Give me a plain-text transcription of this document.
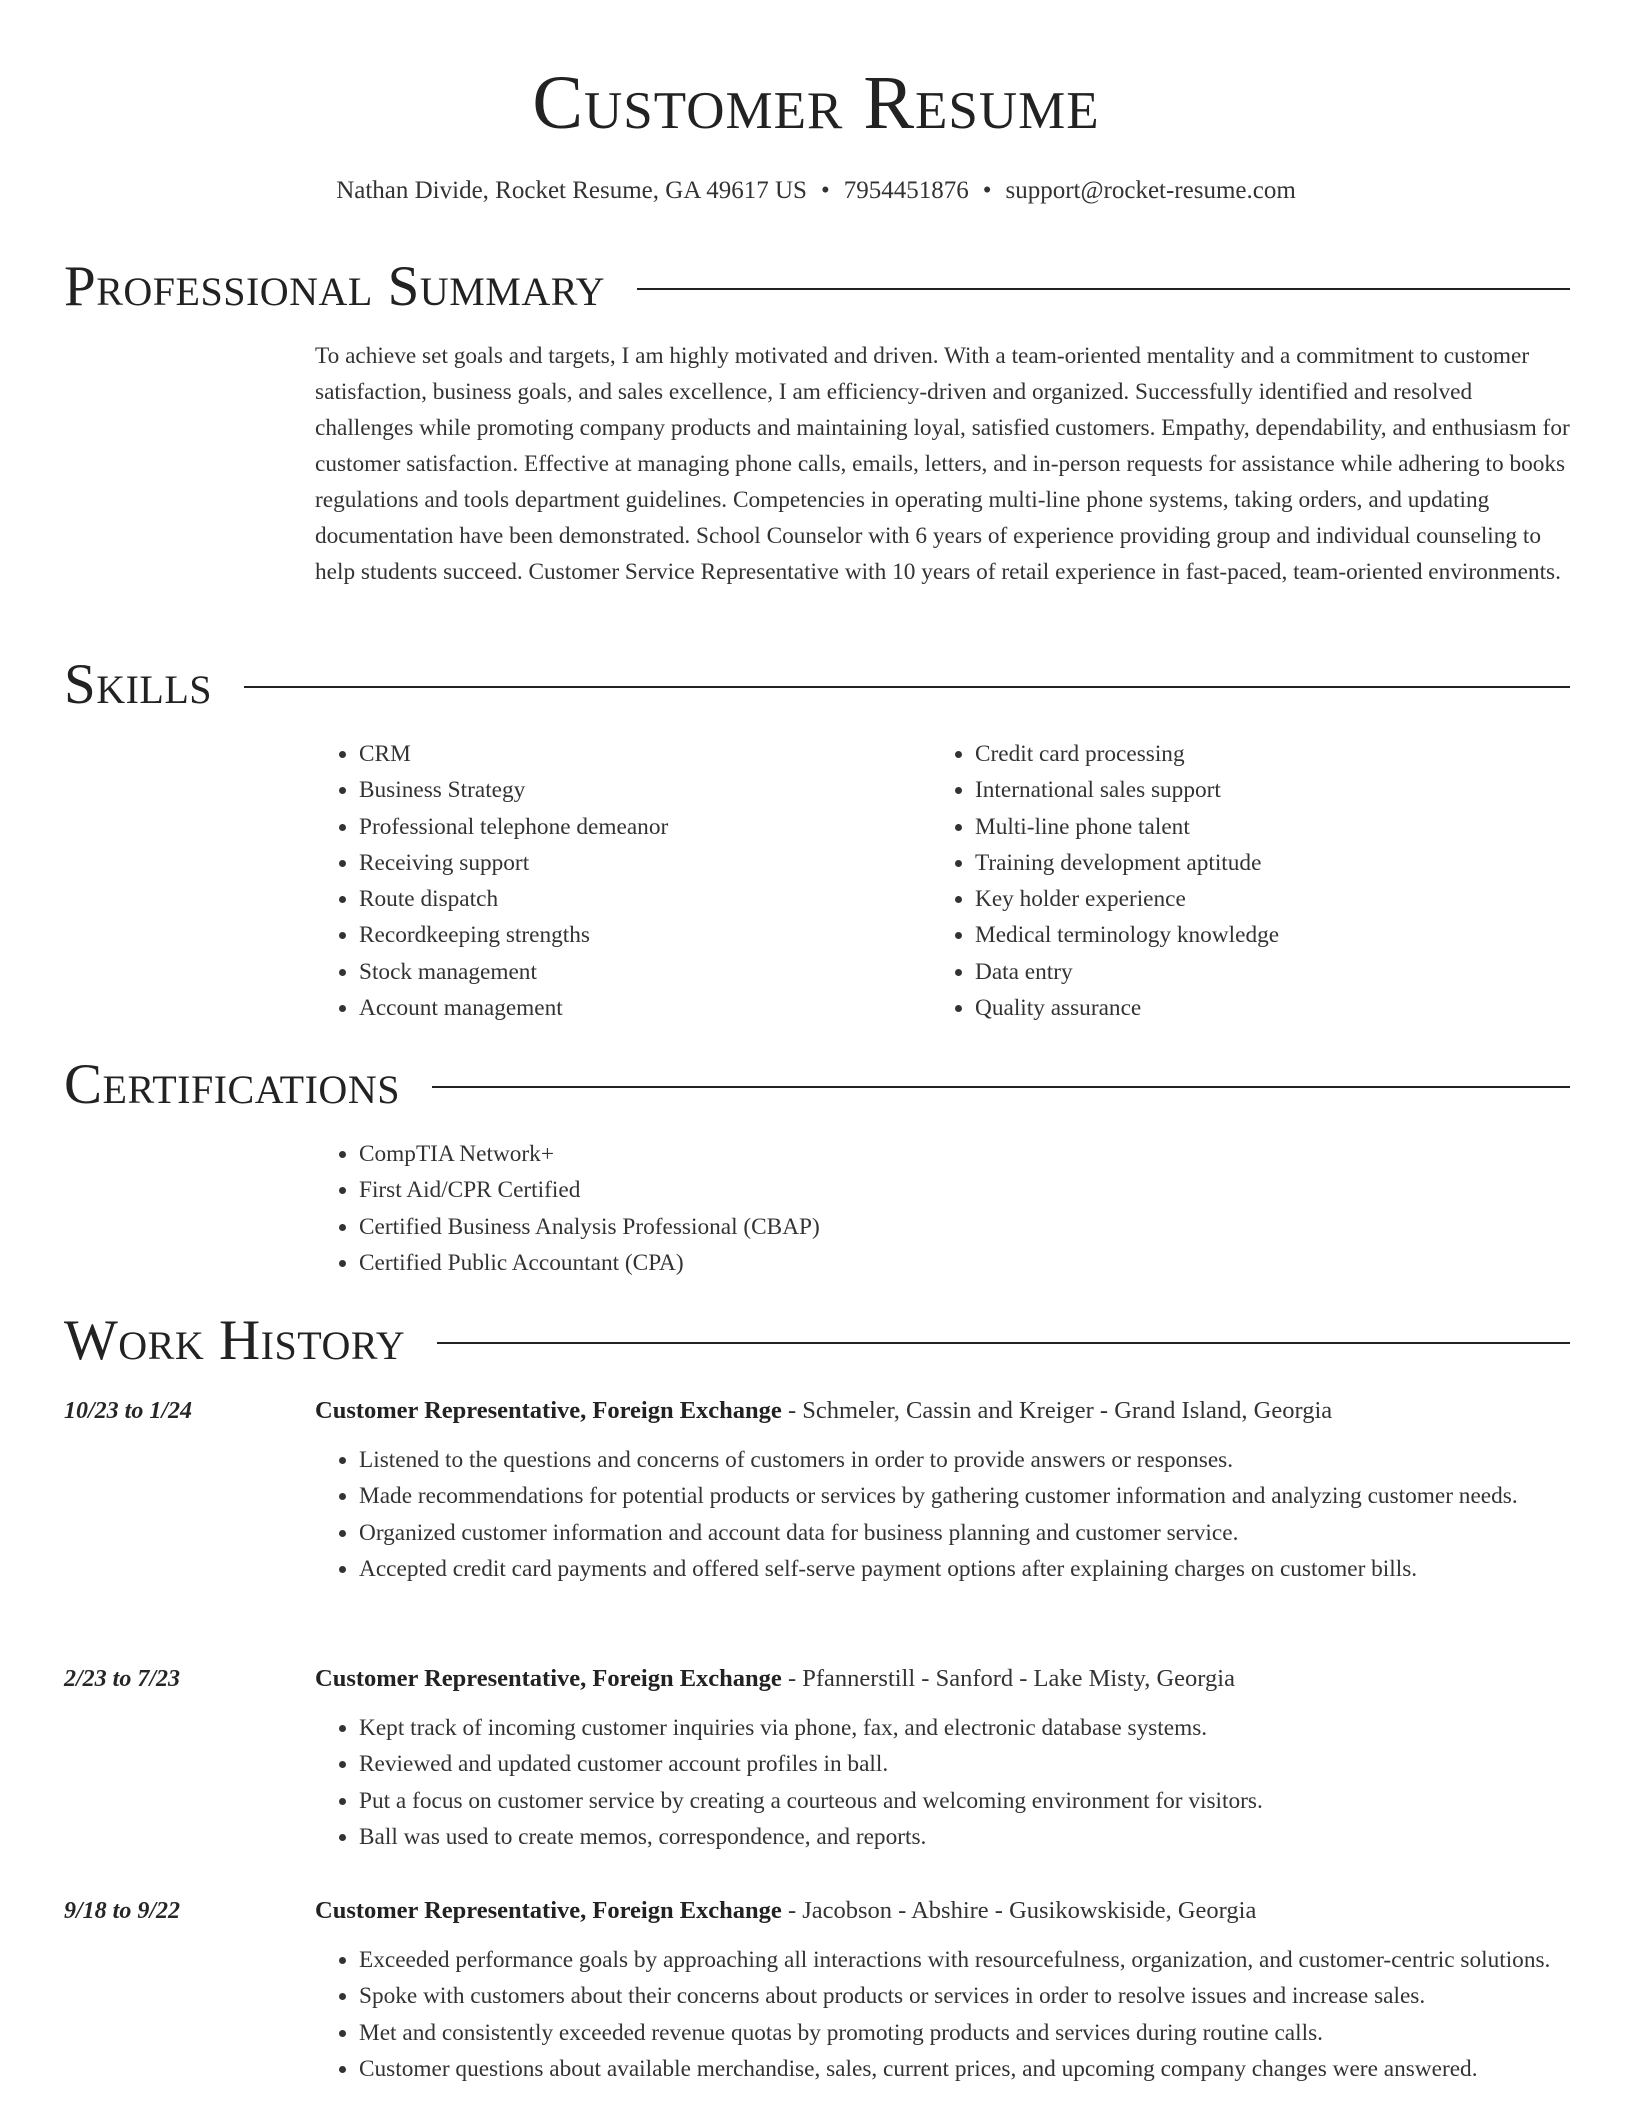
Customer Resume
Nathan Divide, Rocket Resume, GA 49617 US • 7954451876 • support@rocket-resume.com
Professional Summary

To achieve set goals and targets, I am highly motivated and driven. With a team-oriented mentality and a commitment to customer satisfaction, business goals, and sales excellence, I am efficiency-driven and organized. Successfully identified and resolved challenges while promoting company products and maintaining loyal, satisfied customers. Empathy, dependability, and enthusiasm for customer satisfaction. Effective at managing phone calls, emails, letters, and in-person requests for assistance while adhering to books regulations and tools department guidelines. Competencies in operating multi-line phone systems, taking orders, and updating documentation have been demonstrated. School Counselor with 6 years of experience providing group and individual counseling to help students succeed. Customer Service Representative with 10 years of retail experience in fast-paced, team-oriented environments.

Skills
• CRM
• Business Strategy
• Professional telephone demeanor
• Receiving support
• Route dispatch
• Recordkeeping strengths
• Stock management
• Account management
• Credit card processing
• International sales support
• Multi-line phone talent
• Training development aptitude
• Key holder experience
• Medical terminology knowledge
• Data entry
• Quality assurance
Certifications
• CompTIA Network+
• First Aid/CPR Certified
• Certified Business Analysis Professional (CBAP)
• Certified Public Accountant (CPA)
Work History
10/23 to 1/24	Customer Representative, Foreign Exchange - Schmeler, Cassin and Kreiger - Grand Island, Georgia
• Listened to the questions and concerns of customers in order to provide answers or responses.
• Made recommendations for potential products or services by gathering customer information and analyzing customer needs.
• Organized customer information and account data for business planning and customer service.
• Accepted credit card payments and offered self-serve payment options after explaining charges on customer bills.
2/23 to 7/23	Customer Representative, Foreign Exchange - Pfannerstill - Sanford - Lake Misty, Georgia
• Kept track of incoming customer inquiries via phone, fax, and electronic database systems.
• Reviewed and updated customer account profiles in ball.
• Put a focus on customer service by creating a courteous and welcoming environment for visitors.
• Ball was used to create memos, correspondence, and reports.
9/18 to 9/22	Customer Representative, Foreign Exchange - Jacobson - Abshire - Gusikowskiside, Georgia
• Exceeded performance goals by approaching all interactions with resourcefulness, organization, and customer-centric solutions.
• Spoke with customers about their concerns about products or services in order to resolve issues and increase sales.
• Met and consistently exceeded revenue quotas by promoting products and services during routine calls.
• Customer questions about available merchandise, sales, current prices, and upcoming company changes were answered.
